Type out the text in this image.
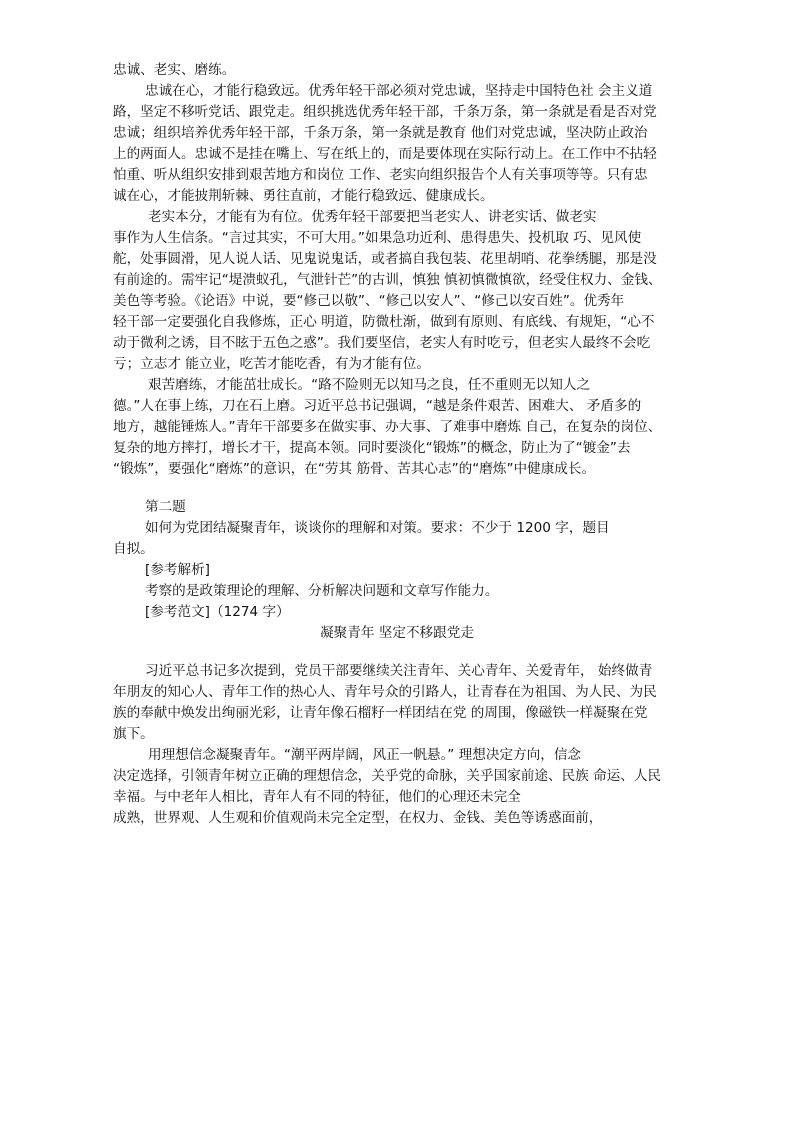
忠诚、老实、磨练。
忠诚在心，才能行稳致远。优秀年轻干部必须对党忠诚，坚持走中国特色社 会主义道
路，坚定不移听党话、跟党走。组织挑选优秀年轻干部，千条万条，第一条就是看是否对党
忠诚；组织培养优秀年轻干部，千条万条，第一条就是教育 他们对党忠诚，坚决防止政治
上的两面人。忠诚不是挂在嘴上、写在纸上的，而是要体现在实际行动上。在工作中不拈轻
怕重、听从组织安排到艰苦地方和岗位 工作、老实向组织报告个人有关事项等等。只有忠
诚在心，才能披荆斩棘、勇往直前，才能行稳致远、健康成长。
老实本分，才能有为有位。优秀年轻干部要把当老实人、讲老实话、做老实
事作为人生信条。“言过其实，不可大用。”如果急功近利、患得患失、投机取 巧、见风使
舵，处事圆滑，见人说人话、见鬼说鬼话，或者搞自我包装、花里胡哨、花拳绣腿，那是没
有前途的。需牢记“堤溃蚁孔，气泄针芒”的古训，慎独 慎初慎微慎欲，经受住权力、金钱、
美色等考验。《论语》中说，要“修己以敬”、“修己以安人”、“修己以安百姓”。优秀年
轻干部一定要强化自我修炼，正心 明道，防微杜渐，做到有原则、有底线、有规矩，“心不
动于微利之诱，目不眩于五色之惑”。我们要坚信，老实人有时吃亏，但老实人最终不会吃
亏；立志才 能立业，吃苦才能吃香，有为才能有位。
艰苦磨练，才能茁壮成长。“路不险则无以知马之良，任不重则无以知人之
德。”人在事上练，刀在石上磨。习近平总书记强调，“越是条件艰苦、困难大、 矛盾多的
地方，越能锤炼人。”青年干部要多在做实事、办大事、了难事中磨炼 自己，在复杂的岗位、
复杂的地方摔打，增长才干，提高本领。同时要淡化“锻炼”的概念，防止为了“镀金”去
“锻炼”，要强化“磨炼”的意识，在“劳其 筋骨、苦其心志”的“磨炼”中健康成长。
第二题
如何为党团结凝聚青年，谈谈你的理解和对策。要求：不少于 1200 字，题目
自拟。
[参考解析]
考察的是政策理论的理解、分析解决问题和文章写作能力。
[参考范文]（1274 字）
凝聚青年 坚定不移跟党走
习近平总书记多次提到，党员干部要继续关注青年、关心青年、关爱青年， 始终做青
年朋友的知心人、青年工作的热心人、青年号众的引路人，让青春在为祖国、为人民、为民
族的奉献中焕发出绚丽光彩，让青年像石榴籽一样团结在党 的周围，像磁铁一样凝聚在党
旗下。
用理想信念凝聚青年。“潮平两岸阔，风正一帆悬。” 理想决定方向，信念
决定选择，引领青年树立正确的理想信念，关乎党的命脉，关乎国家前途、民族 命运、人民
幸福。与中老年人相比，青年人有不同的特征，他们的心理还未完全
成熟，世界观、人生观和价值观尚未完全定型，在权力、金钱、美色等诱惑面前，
